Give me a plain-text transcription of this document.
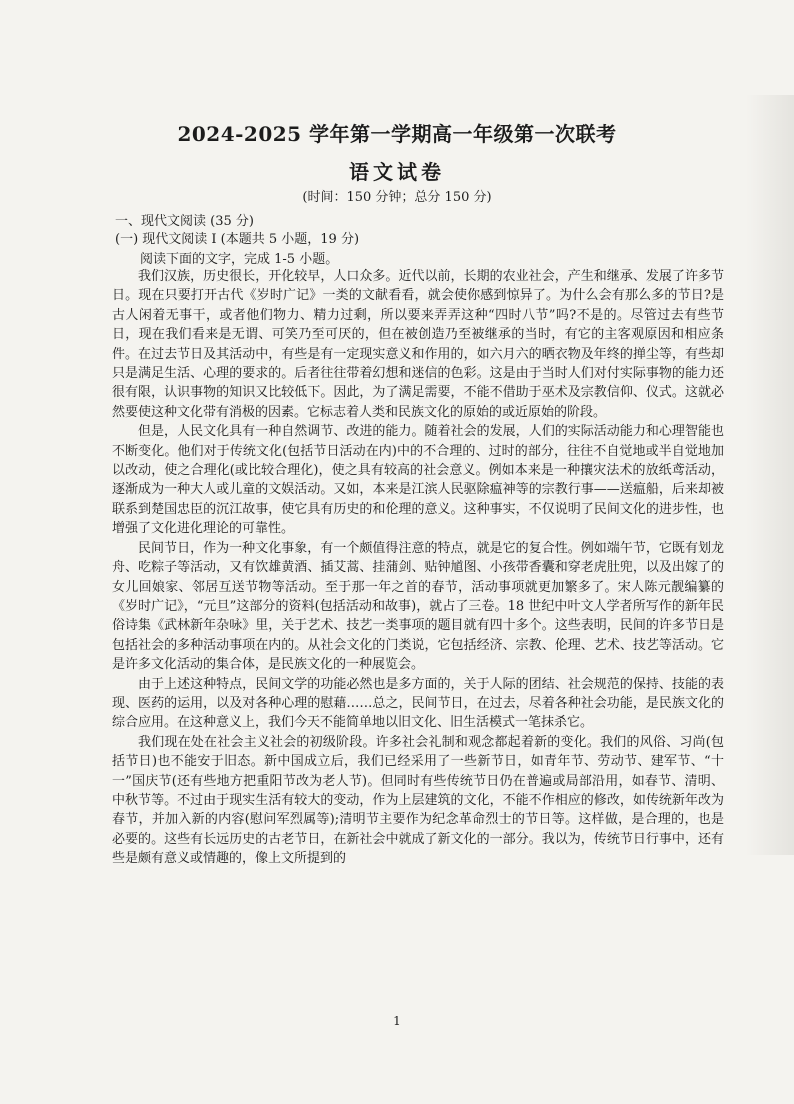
2024-2025 学年第一学期高一年级第一次联考
语文试卷
(时间：150 分钟；总分 150 分)
一、现代文阅读 (35 分)
(一) 现代文阅读 I (本题共 5 小题，19 分)
阅读下面的文字，完成 1-5 小题。

我们汉族，历史很长，开化较早，人口众多。近代以前，长期的农业社会，产生和继承、发展了许多节日。现在只要打开古代《岁时广记》一类的文献看看，就会使你感到惊异了。为什么会有那么多的节日?是古人闲着无事干，或者他们物力、精力过剩，所以要来弄弄这种“四时八节”吗?不是的。尽管过去有些节日，现在我们看来是无谓、可笑乃至可厌的，但在被创造乃至被继承的当时，有它的主客观原因和相应条件。在过去节日及其活动中，有些是有一定现实意义和作用的，如六月六的晒衣物及年终的掸尘等，有些却只是满足生活、心理的要求的。后者往往带着幻想和迷信的色彩。这是由于当时人们对付实际事物的能力还很有限，认识事物的知识又比较低下。因此，为了满足需要，不能不借助于巫术及宗教信仰、仪式。这就必然要使这种文化带有消极的因素。它标志着人类和民族文化的原始的或近原始的阶段。

但是，人民文化具有一种自然调节、改进的能力。随着社会的发展，人们的实际活动能力和心理智能也不断变化。他们对于传统文化(包括节日活动在内)中的不合理的、过时的部分，往往不自觉地或半自觉地加以改动，使之合理化(或比较合理化)，使之具有较高的社会意义。例如本来是一种攘灾法术的放纸鸢活动，逐渐成为一种大人或儿童的文娱活动。又如，本来是江滨人民驱除瘟神等的宗教行事——送瘟船，后来却被联系到楚国忠臣的沉江故事，使它具有历史的和伦理的意义。这种事实，不仅说明了民间文化的进步性，也增强了文化进化理论的可靠性。

民间节日，作为一种文化事象，有一个颇值得注意的特点，就是它的复合性。例如端午节，它既有划龙舟、吃粽子等活动，又有饮雄黄酒、插艾蒿、挂蒲剑、贴钟馗图、小孩带香囊和穿老虎肚兜，以及出嫁了的女儿回娘家、邻居互送节物等活动。至于那一年之首的春节，活动事项就更加繁多了。宋人陈元靓编纂的《岁时广记》，“元旦”这部分的资料(包括活动和故事)，就占了三卷。18 世纪中叶文人学者所写作的新年民俗诗集《武林新年杂咏》里，关于艺术、技艺一类事项的题目就有四十多个。这些表明，民间的许多节日是包括社会的多种活动事项在内的。从社会文化的门类说，它包括经济、宗教、伦理、艺术、技艺等活动。它是许多文化活动的集合体，是民族文化的一种展览会。

由于上述这种特点，民间文学的功能必然也是多方面的，关于人际的团结、社会规范的保持、技能的表现、医药的运用，以及对各种心理的慰藉……总之，民间节日，在过去，尽着各种社会功能，是民族文化的综合应用。在这种意义上，我们今天不能简单地以旧文化、旧生活模式一笔抹杀它。

我们现在处在社会主义社会的初级阶段。许多社会礼制和观念都起着新的变化。我们的风俗、习尚(包括节日)也不能安于旧态。新中国成立后，我们已经采用了一些新节日，如青年节、劳动节、建军节、“十一”国庆节(还有些地方把重阳节改为老人节)。但同时有些传统节日仍在普遍或局部沿用，如春节、清明、中秋节等。不过由于现实生活有较大的变动，作为上层建筑的文化，不能不作相应的修改，如传统新年改为春节，并加入新的内容(慰问军烈属等);清明节主要作为纪念革命烈士的节日等。这样做，是合理的，也是必要的。这些有长远历史的古老节日，在新社会中就成了新文化的一部分。我以为，传统节日行事中，还有些是颇有意义或情趣的，像上文所提到的

1
